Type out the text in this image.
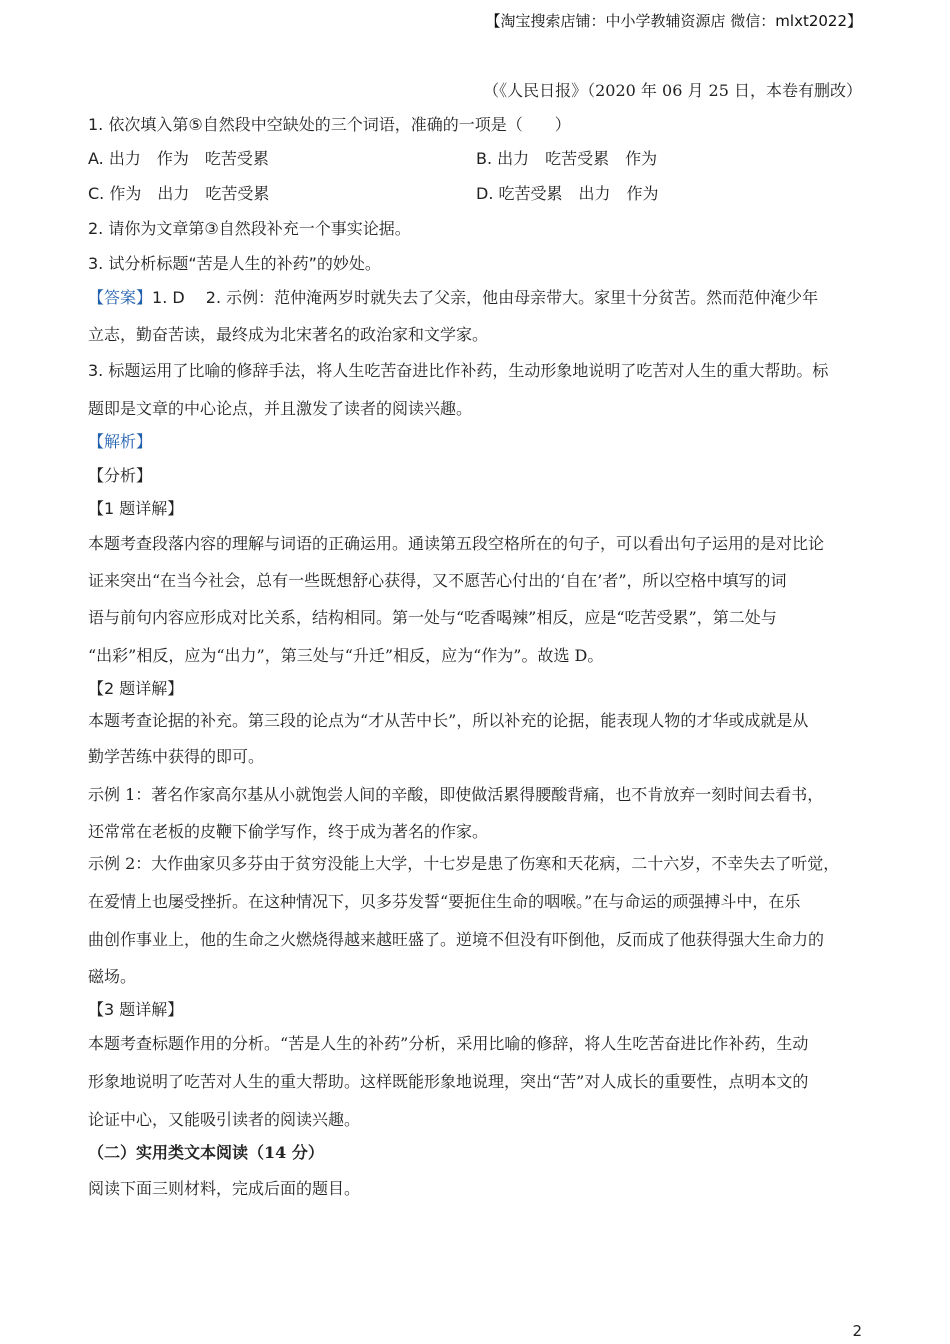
【淘宝搜索店铺：中小学教辅资源店 微信：mlxt2022】
（《人民日报》（2020 年 06 月 25 日，本卷有删改）
1. 依次填入第⑤自然段中空缺处的三个词语，准确的一项是（　　）
A. 出力　作为　吃苦受累	B. 出力　吃苦受累　作为
C. 作为　出力　吃苦受累	D. 吃苦受累　出力　作为
2. 请你为文章第③自然段补充一个事实论据。
3. 试分析标题“苦是人生的补药”的妙处。
【答案】1. D　 2. 示例：范仲淹两岁时就失去了父亲，他由母亲带大。家里十分贫苦。然而范仲淹少年
立志，勤奋苦读，最终成为北宋著名的政治家和文学家。
3. 标题运用了比喻的修辞手法，将人生吃苦奋进比作补药，生动形象地说明了吃苦对人生的重大帮助。标
题即是文章的中心论点，并且激发了读者的阅读兴趣。
【解析】
【分析】
【1 题详解】
本题考查段落内容的理解与词语的正确运用。通读第五段空格所在的句子，可以看出句子运用的是对比论
证来突出“在当今社会，总有一些既想舒心获得，又不愿苦心付出的‘自在’者”，所以空格中填写的词
语与前句内容应形成对比关系，结构相同。第一处与“吃香喝辣”相反，应是“吃苦受累”，第二处与
“出彩”相反，应为“出力”，第三处与“升迁”相反，应为“作为”。故选 D。
【2 题详解】
本题考查论据的补充。第三段的论点为“才从苦中长”，所以补充的论据，能表现人物的才华或成就是从
勤学苦练中获得的即可。
示例 1：著名作家高尔基从小就饱尝人间的辛酸，即使做活累得腰酸背痛，也不肯放弃一刻时间去看书，
还常常在老板的皮鞭下偷学写作，终于成为著名的作家。
示例 2：大作曲家贝多芬由于贫穷没能上大学，十七岁是患了伤寒和天花病，二十六岁，不幸失去了听觉，
在爱情上也屡受挫折。在这种情况下，贝多芬发誓“要扼住生命的咽喉。”在与命运的顽强搏斗中，在乐
曲创作事业上，他的生命之火燃烧得越来越旺盛了。逆境不但没有吓倒他，反而成了他获得强大生命力的
磁场。
【3 题详解】
本题考查标题作用的分析。“苦是人生的补药”分析，采用比喻的修辞，将人生吃苦奋进比作补药，生动
形象地说明了吃苦对人生的重大帮助。这样既能形象地说理，突出“苦”对人成长的重要性，点明本文的
论证中心，又能吸引读者的阅读兴趣。
（二）实用类文本阅读（14 分）
阅读下面三则材料，完成后面的题目。
2
